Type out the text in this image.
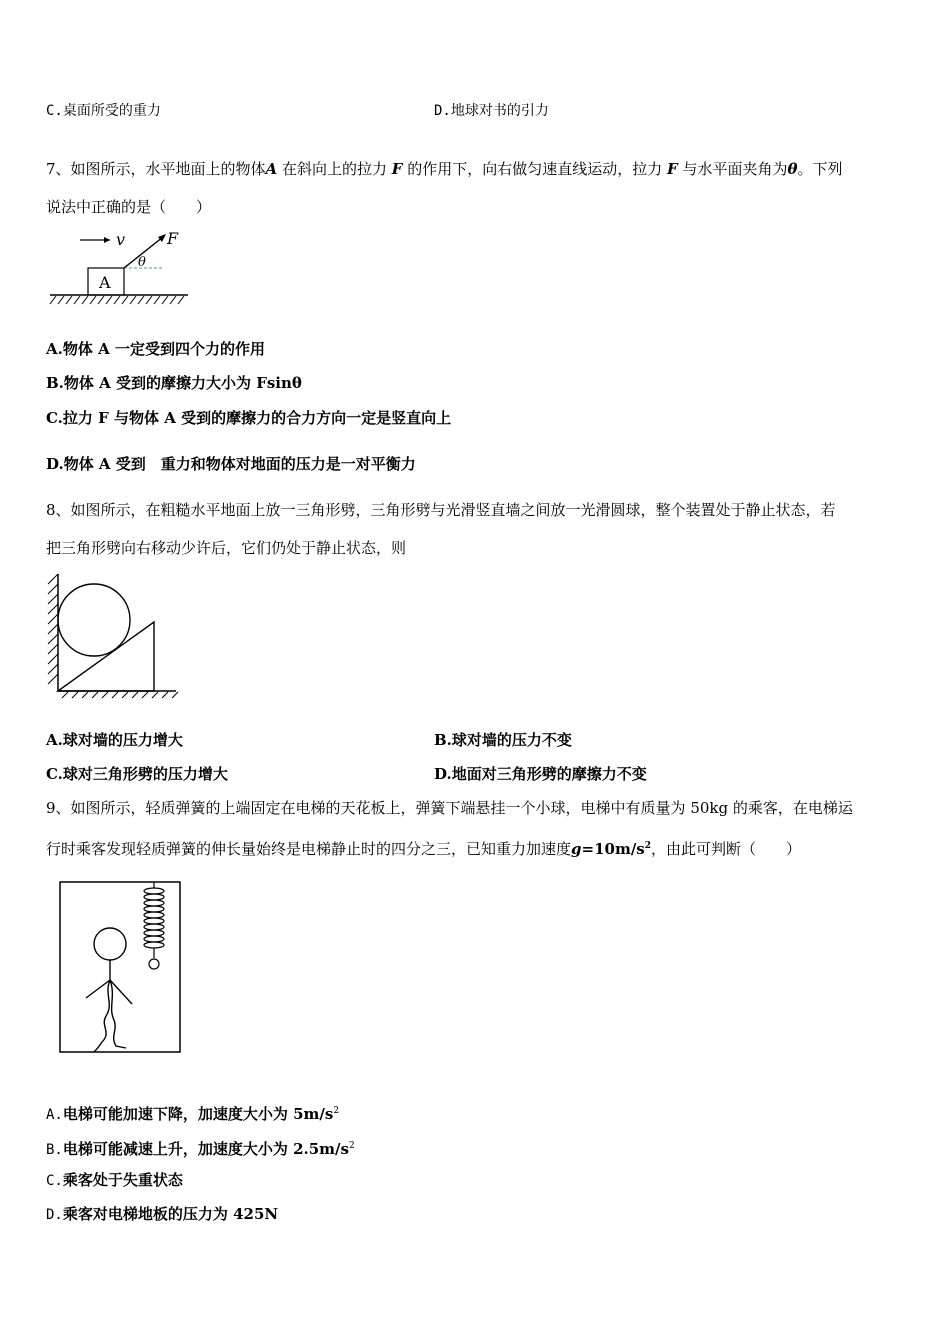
C.桌面所受的重力	D.地球对书的引力
7、如图所示，水平地面上的物体A 在斜向上的拉力 F 的作用下，向右做匀速直线运动，拉力 F 与水平面夹角为θ。下列
说法中正确的是（　　）
v	F
θ
A
A.物体 A 一定受到四个力的作用
B.物体 A 受到的摩擦力大小为 Fsinθ
C.拉力 F 与物体 A 受到的摩擦力的合力方向一定是竖直向上
D.物体 A 受到　重力和物体对地面的压力是一对平衡力
8、如图所示，在粗糙水平地面上放一三角形劈，三角形劈与光滑竖直墙之间放一光滑圆球，整个装置处于静止状态，若
把三角形劈向右移动少许后，它们仍处于静止状态，则
A.球对墙的压力增大	B.球对墙的压力不变
C.球对三角形劈的压力增大	D.地面对三角形劈的摩擦力不变
9、如图所示，轻质弹簧的上端固定在电梯的天花板上，弹簧下端悬挂一个小球，电梯中有质量为 50kg 的乘客，在电梯运
行时乘客发现轻质弹簧的伸长量始终是电梯静止时的四分之三，已知重力加速度$g=10m/s^2$，由此可判断（　　）
A.电梯可能加速下降，加速度大小为 $5m/s^2$
B.电梯可能减速上升，加速度大小为 $2.5m/s^2$
C.乘客处于失重状态
D.乘客对电梯地板的压力为 425N
